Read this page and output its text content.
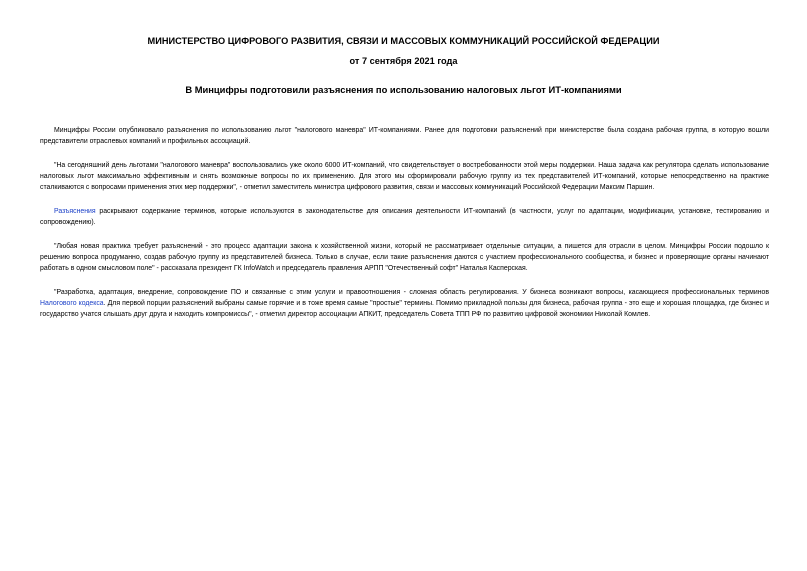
МИНИСТЕРСТВО ЦИФРОВОГО РАЗВИТИЯ, СВЯЗИ И МАССОВЫХ КОММУНИКАЦИЙ РОССИЙСКОЙ ФЕДЕРАЦИИ
от 7 сентября 2021 года
В Минцифры подготовили разъяснения по использованию налоговых льгот ИТ-компаниями

Минцифры России опубликовало разъяснения по использованию льгот "налогового маневра" ИТ-компаниями. Ранее для подготовки разъяснений при министерстве была создана рабочая группа, в которую вошли представители отраслевых компаний и профильных ассоциаций.

"На сегодняшний день льготами "налогового маневра" воспользовались уже около 6000 ИТ-компаний, что свидетельствует о востребованности этой меры поддержки. Наша задача как регулятора сделать использование налоговых льгот максимально эффективным и снять возможные вопросы по их применению. Для этого мы сформировали рабочую группу из тех представителей ИТ-компаний, которые непосредственно на практике сталкиваются с вопросами применения этих мер поддержки", - отметил заместитель министра цифрового развития, связи и массовых коммуникаций Российской Федерации Максим Паршин.

Разъяснения раскрывают содержание терминов, которые используются в законодательстве для описания деятельности ИТ-компаний (в частности, услуг по адаптации, модификации, установке, тестированию и сопровождению).

"Любая новая практика требует разъяснений - это процесс адаптации закона к хозяйственной жизни, который не рассматривает отдельные ситуации, а пишется для отрасли в целом. Минцифры России подошло к решению вопроса продуманно, создав рабочую группу из представителей бизнеса. Только в случае, если такие разъяснения даются с участием профессионального сообщества, и бизнес и проверяющие органы начинают работать в одном смысловом поле" - рассказала президент ГК InfoWatch и председатель правления АРПП "Отечественный софт" Наталья Касперская.

"Разработка, адаптация, внедрение, сопровождение ПО и связанные с этим услуги и правоотношения - сложная область регулирования. У бизнеса возникают вопросы, касающиеся профессиональных терминов Налогового кодекса. Для первой порции разъяснений выбраны самые горячие и в тоже время самые "простые" термины. Помимо прикладной пользы для бизнеса, рабочая группа - это еще и хорошая площадка, где бизнес и государство учатся слышать друг друга и находить компромиссы", - отметил директор ассоциации АПКИТ, председатель Совета ТПП РФ по развитию цифровой экономики Николай Комлев.
